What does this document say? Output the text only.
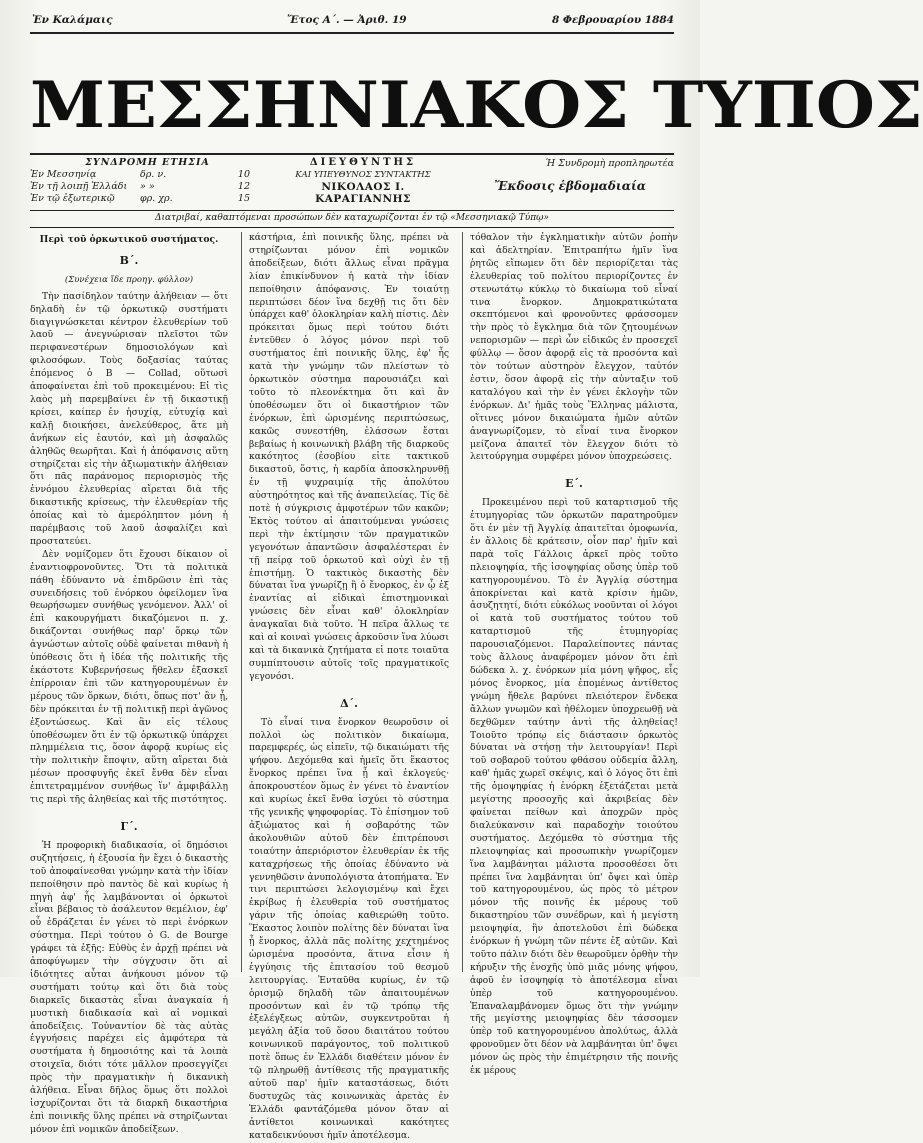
Ἐν Καλάμαις	Ἔτος Α΄. — Ἀριθ. 19	8 Φεβρουαρίου 1884
ΜΕΣΣΗΝΙΑΚΟΣ ΤΥΠΟΣ
ΣΥΝΔΡΟΜΗ ΕΤΗΣΙΑ
Ἐν Μεσσηνίᾳ	δρ. ν.	10
Ἐν τῇ λοιπῇ Ἑλλάδι	» »	12
Ἐν τῷ ἐξωτερικῷ	φρ. χρ.	15
ΔΙΕΥΘΥΝΤΗΣ
ΚΑΙ ΥΠΕΥΘΥΝΟΣ ΣΥΝΤΑΚΤΗΣ
ΝΙΚΟΛΑΟΣ Ι. ΚΑΡΑΓΙΑΝΝΗΣ
Ἡ Συνδρομὴ προπληρωτέα
Ἔκδοσις ἑβδομαδιαία
Διατριβαί, καθαπτόμεναι προσώπων δὲν καταχωρίζονται ἐν τῷ «Μεσσηνιακῷ Τύπῳ»

Περὶ τοῦ ὁρκωτικοῦ συστήματος.

Β΄.

(Συνέχεια ἴδε προηγ. φύλλον)

Τὴν πασίδηλον ταύτην ἀλήθειαν — ὅτι δηλαδὴ ἐν τῷ ὁρκωτικῷ συστήματι διαγιγνώσκεται κέντρον ἐλευθερίων τοῦ λαοῦ — ἀνεγνώρισαν πλεῖστοι τῶν περιφανεστέρων δημοσιολόγων καὶ φιλοσόφων. Τοὺς δοξασίας ταύτας ἐπόμενος ὁ B — Collad, οὕτωσὶ ἀποφαίνεται ἐπὶ τοῦ προκειμένου: Εἰ τὶς λαὸς μὴ παρεμβαίνει ἐν τῇ δικαστικῇ κρίσει, καίπερ ἐν ἡσυχίᾳ, εὐτυχίᾳ καὶ καλῇ διοικήσει, ἀνελεύθερος, ἅτε μὴ ἀνήκων εἰς ἑαυτόν, καὶ μὴ ἀσφαλῶς ἀληθῶς θεωρῆται. Καὶ ἡ ἀπόφανσις αὕτη στηρίζεται εἰς τὴν ἀξιωματικὴν ἀλήθειαν ὅτι πᾶς παράνομος περιορισμὸς τῆς ἐννόμου ἐλευθερίας αἴρεται διὰ τῆς δικαστικῆς κρίσεως, τὴν ἐλευθερίαν τῆς ὁποίας καὶ τὸ ἀμερόληπτον μόνη ἡ παρέμβασις τοῦ λαοῦ ἀσφαλίζει καὶ προστατεύει.

Δὲν νομίζομεν ὅτι ἔχουσι δίκαιον οἱ ἐναντιοφρονοῦντες. Ὅτι τὰ πολιτικὰ πάθη ἐδύναντο νὰ ἐπιδρῶσιν ἐπὶ τὰς συνειδήσεις τοῦ ἐνόρκου ὀφείλομεν ἵνα θεωρήσωμεν συνήθως γενόμενον. Ἀλλ' οἱ ἐπὶ κακουργήματι δικαζόμενοι π. χ. δικάζονται συνήθως παρ' ὅρκῳ τῶν ἀγνώστων αὐτοῖς οὐδὲ φαίνεται πιθανὴ ἡ ὑπόθεσις ὅτι ἡ ἰδέα τῆς πολιτικῆς τῆς ἑκάστοτε Κυβερνήσεως ἤθελεν ἐξασκεῖ ἐπίρροιαν ἐπὶ τῶν κατηγορουμένων ἐν μέρους τῶν ὅρκων, διότι, ὅπως ποτ' ἂν ᾖ, δὲν πρόκειται ἐν τῇ πολιτικῇ περὶ ἀγῶνος ἐξοντώσεως. Καὶ ἂν εἰς τέλους ὑποθέσωμεν ὅτι ἐν τῷ ὁρκωτικῷ ὑπάρχει πλημμέλεια τις, ὅσον ἀφορᾷ κυρίως εἰς τὴν πολιτικὴν ἔποψιν, αὕτη αἴρεται διὰ μέσων προσφυγῆς ἐκεῖ ἔνθα δὲν εἶναι ἐπιτετραμμένον συνήθως ἵν' ἀμφιβάλλῃ τις περὶ τῆς ἀληθείας καὶ τῆς πιστότητος.

Γ΄.

Ἡ προφορικὴ διαδικασία, οἱ δημόσιοι συζητήσεις, ἡ ἐξουσία ἣν ἔχει ὁ δικαστὴς τοῦ ἀποφαίνεσθαι γνώμην κατὰ τὴν ἰδίαν πεποίθησιν πρὸ παντὸς δὲ καὶ κυρίως ἡ πηγὴ ἀφ' ἧς λαμβάνονται οἱ ὁρκωτοὶ εἶναι βέβαιος τὸ ἀσάλευτον θεμέλιον, ἐφ' οὗ ἐδράζεται ἐν γένει τὸ περὶ ἐνόρκων σύστημα. Περὶ τούτου ὁ G. de Bourge γράφει τὰ ἑξῆς: Εὐθὺς ἐν ἀρχῇ πρέπει νὰ ἀποφύγωμεν τὴν σύγχυσιν ὅτι αἱ ἰδιότητες αὗται ἀνήκουσι μόνον τῷ συστήματι τούτῳ καὶ ὅτι διὰ τοὺς διαρκεῖς δικαστὰς εἶναι ἀναγκαία ἡ μυστικὴ διαδικασία καὶ αἱ νομικαὶ ἀποδείξεις. Τοὐναντίον δὲ τὰς αὐτὰς ἐγγυήσεις παρέχει εἰς ἀμφότερα τὰ συστήματα ἡ δημοσιότης καὶ τὰ λοιπὰ στοιχεῖα, διότι τότε μᾶλλον προσεγγίζει πρὸς τὴν πραγματικὴν ἡ δικανικὴ ἀλήθεια. Εἶναι δῆλος ὅμως ὅτι πολλοὶ ἰσχυρίζονται ὅτι τὰ διαρκῆ δικαστήρια ἐπὶ ποινικῆς ὕλης πρέπει νὰ στηρίζωνται μόνον ἐπὶ νομικῶν ἀποδείξεων.

κάστήρια, ἐπὶ ποινικῆς ὕλης, πρέπει νὰ στηρίζωνται μόνον ἐπὶ νομικῶν ἀποδείξεων, διότι ἄλλως εἶναι πρᾶγμα λίαν ἐπικίνδυνον ἡ κατὰ τὴν ἰδίαν πεποίθησιν ἀπόφανσις. Ἐν τοιαύτῃ περιπτώσει δέον ἵνα δεχθῇ τις ὅτι δὲν ὑπάρχει καθ' ὁλοκληρίαν καλὴ πίστις. Δὲν πρόκειται ὅμως περὶ τούτου διότι ἐντεῦθεν ὁ λόγος μόνον περὶ τοῦ συστήματος ἐπὶ ποινικῆς ὕλης, ἐφ' ἧς κατὰ τὴν γνώμην τῶν πλείστων τὸ ὁρκωτικὸν σύστημα παρουσιάζει καὶ τοῦτο τὸ πλεονέκτημα ὅτι καὶ ἂν ὑποθέσωμεν ὅτι οἱ δικαστήριον τῶν ἐνόρκων, ἐπὶ ὡρισμένης περιπτώσεως, κακῶς συνεστήθη, ἐλάσσων ἔσται βεβαίως ἡ κοινωνικὴ βλάβη τῆς διαρκοῦς κακότητος (ἐσοβίου εἰτε τακτικοῦ δικαστοῦ, ὅστις, ἡ καρδία ἀποσκληρυνθῇ ἐν τῇ ψυχραιμίᾳ τῆς ἀπολύτου αὐστηρότητος καὶ τῆς ἀναπειλείας. Τίς δὲ ποτὲ ἡ σύγκρισις ἀμφοτέρων τῶν κακῶν; Ἐκτὸς τούτου αἱ ἀπαιτούμεναι γνώσεις περὶ τὴν ἐκτίμησιν τῶν πραγματικῶν γεγονότων ἀπαντῶσιν ἀσφαλέστεραι ἐν τῇ πείρᾳ τοῦ ὁρκωτοῦ καὶ οὐχὶ ἐν τῇ ἐπιστήμῃ. Ὁ τακτικὸς δικαστὴς δὲν δύναται ἵνα γνωρίζῃ ἢ ὁ ἔνορκος, ἐν ᾧ ἐξ ἐναντίας αἱ εἰδικαὶ ἐπιστημονικαὶ γνώσεις δὲν εἶναι καθ' ὁλοκληρίαν ἀναγκαῖαι διὰ τοῦτο. Ἡ πεῖρα ἄλλως τε καὶ αἱ κοιναὶ γνώσεις ἀρκοῦσιν ἵνα λύωσι καὶ τὰ δικανικὰ ζητήματα εἰ ποτε τοιαῦτα συμπίπτουσιν αὐτοῖς τοῖς πραγματικοῖς γεγονόσι.

Δ΄.

Τὸ εἶναί τινα ἔνορκον θεωροῦσιν οἱ πολλοὶ ὡς πολιτικὸν δικαίωμα, παρεμφερές, ὡς εἰπεῖν, τῷ δικαιώματι τῆς ψήφου. Δεχόμεθα καὶ ἡμεῖς ὅτι ἕκαστος ἔνορκος πρέπει ἵνα ᾖ καὶ ἐκλογεύς· ἀποκρουστέον ὅμως ἐν γένει τὸ ἐναντίον καὶ κυρίως ἐκεῖ ἔνθα ἰσχύει τὸ σύστημα τῆς γενικῆς ψηφοφορίας. Τὸ ἐπίσημον τοῦ ἀξιώματος καὶ ἡ σοβαρότης τῶν ἀκολουθιῶν αὐτοῦ δὲν ἐπιτρέπουσι τοιαύτην ἀπεριόριστον ἐλευθερίαν ἐκ τῆς καταχρήσεως τῆς ὁποίας ἐδύναντο νὰ γεννηθῶσιν ἀνυπολόγιστα ἀτοπήματα. Ἐν τινι περιπτώσει λελογισμένῳ καὶ ἔχει ἐκρίβως ἡ ἐλευθερία τοῦ συστήματος γάριν τῆς ὁποίας καθιερώθη τοῦτο. Ἕκαστος λοιπὸν πολίτης δὲν δύναται ἵνα ᾖ ἔνορκος, ἀλλὰ πᾶς πολίτης χεχτημένος ὡρισμένα προσόντα, ἅτινα εἶσιν ἡ ἐγγύησις τῆς ἐπιτασίου τοῦ θεσμοῦ λειτουργίας. Ἐνταῦθα κυρίως, ἐν τῷ ὁρισμῷ δηλαδὴ τῶν ἀπαιτουμένων προσόντων καὶ ἐν τῷ τρόπῳ τῆς ἐξελέγξεως αὐτῶν, συγκεντροῦται ἡ μεγάλη ἀξία τοῦ ὅσου διαιτάτου τούτου κοινωνικοῦ παράγοντος, τοῦ πολιτικοῦ ποτὲ ὅπως ἐν Ἑλλάδι διαθέτειν μόνον ἐν τῷ πληρωθῇ ἀντίθεσις τῆς πραγματικῆς αὐτοῦ παρ' ἡμῖν καταστάσεως, διότι δυστυχῶς τὰς κοινωνικὰς ἀρετὰς ἐν Ἑλλάδι φαντάζόμεθα μόνον ὅταν αἱ ἀντίθετοι κοινωνικαὶ κακότητες καταδεικνύουσι ἡμῖν ἀποτέλεσμα.

τόθαλον τὴν ἐγκληματικὴν αὐτῶν ῥοπὴν καὶ ἀδελτηρίαν. Ἐπιτραπήτω ἡμῖν ἵνα ῥητῶς εἴπωμεν ὅτι δὲν περιορίζεται τὰς ἐλευθερίας τοῦ πολίτου περιορίζοντες ἐν στενωτάτῳ κύκλῳ τὸ δικαίωμα τοῦ εἶναί τινα ἔνορκον. Δημοκρατικώτατα σκεπτόμενοι καὶ φρονοῦντες φράσσομεν τὴν πρὸς τὸ ἔγκλημα διὰ τῶν ζητουμένων νεπορισμῶν — περὶ ὧν εἰδικῶς ἐν προσεχεῖ φύλλῳ — ὅσον ἀφορᾷ εἰς τὰ προσόντα καὶ τὸν τούτων αὐστηρὸν ἔλεγχον, ταὐτόν ἐστιν, ὅσον ἀφορᾷ εἰς τὴν αὐνταξιν τοῦ καταλόγου καὶ τὴν ἐν γένει ἐκλογὴν τῶν ἐνόρκων. Δι' ἡμᾶς τοὺς Ἕλληνας μάλιστα, οἵτινες μόνον δικαιώματα ἡμῶν αὐτῶν ἀναγνωρίζομεν, τὸ εἶναί τινα ἔνορκον μείζονα ἀπαιτεῖ τὸν ἔλεγχον διότι τὸ λειτούργημα συμφέρει μόνον ὑποχρεώσεις.

Ε΄.

Προκειμένου περὶ τοῦ καταρτισμοῦ τῆς ἑτυμηγορίας τῶν ὁρκωτῶν παρατηροῦμεν ὅτι ἐν μὲν τῇ Ἀγγλίᾳ ἀπαιτεῖται ὁμοφωνία, ἐν ἄλλοις δὲ κράτεσιν, οἷον παρ' ἡμῖν καὶ παρὰ τοῖς Γάλλοις ἀρκεῖ πρὸς τοῦτο πλειοψηφία, τῆς ἰσοψηφίας οὔσης ὑπὲρ τοῦ κατηγορουμένου. Τὸ ἐν Ἀγγλίᾳ σύστημα ἀποκρίνεται καὶ κατὰ κρίσιν ἡμῶν, ἀσυζητητί, διότι εὐκόλως νοοῦνται οἱ λόγοι οἱ κατὰ τοῦ συστήματος τούτου τοῦ καταρτισμοῦ τῆς ἑτυμηγορίας παρουσιαζόμενοι. Παραλείποντες πάντας τοὺς ἄλλους ἀναφέρομεν μόνον ὅτι ἐπὶ δώδεκα λ. χ. ἐνόρκων μία μόνη ψῆφος, εἷς μόνος ἔνορκος, μία ἐπομένως ἀντίθετος γνώμη ἤθελε βαρύνει πλειότερον ἕνδεκα ἄλλων γνωμῶν καὶ ἠθέλομεν ὑποχρεωθῇ νὰ δεχθῶμεν ταύτην ἀντὶ τῆς ἀληθείας! Τοιοῦτο τρόπῳ εἰς διάστασιν ὁρκωτὸς δύναται νὰ στήσῃ τὴν λειτουργίαν! Περὶ τοῦ σοβαροῦ τούτου φθάσου οὐδεμία ἄλλη, καθ' ἡμᾶς χωρεῖ σκέψις, καὶ ὁ λόγος ὅτι ἐπὶ τῆς ὁμοψηφίας ἡ ἐνόρκη ἐξετάζεται μετὰ μεγίστης προσοχῆς καὶ ἀκριβείας δὲν φαίνεται πείθων καὶ ἀποχρῶν πρὸς διαλεύκανσιν καὶ παραδοχὴν τοιούτου συστήματος. Δεχόμεθα τὸ σύστημα τῆς πλειοψηφίας καὶ προσωπικὴν γνωρίζομεν ἵνα λαμβάνηται μάλιστα προσοθέσει ὅτι πρέπει ἵνα λαμβάνηται ὑπ' ὄψει καὶ ὑπὲρ τοῦ κατηγορουμένου, ὡς πρὸς τὸ μέτρον μόνον τῆς ποινῆς ἐκ μέρους τοῦ δικαστηρίου τῶν συνέδρων, καὶ ἡ μεγίστη μειοψηφία, ἣν ἀποτελοῦσι ἐπὶ δώδεκα ἐνόρκων ἡ γνώμη τῶν πέντε ἐξ αὐτῶν. Καὶ τοῦτο πάλιν διότι δὲν θεωροῦμεν ὀρθὴν τὴν κήρυξιν τῆς ἐνοχῆς ὑπὸ μιᾶς μόνης ψήφου, ἀφοῦ ἐν ἰσοψηφίᾳ τὸ ἀποτέλεσμα εἶναι ὑπὲρ τοῦ κατηγορουμένου. Ἐπαναλαμβάνομεν ὅμως ὅτι τὴν γνώμην τῆς μεγίστης μειοψηφίας δὲν τάσσομεν ὑπὲρ τοῦ κατηγορουμένου ἀπολύτως, ἀλλὰ φρονοῦμεν ὅτι δέον νὰ λαμβάνηται ὑπ' ὄψει μόνον ὡς πρὸς τὴν ἐπιμέτρησιν τῆς ποινῆς ἐκ μέρους
